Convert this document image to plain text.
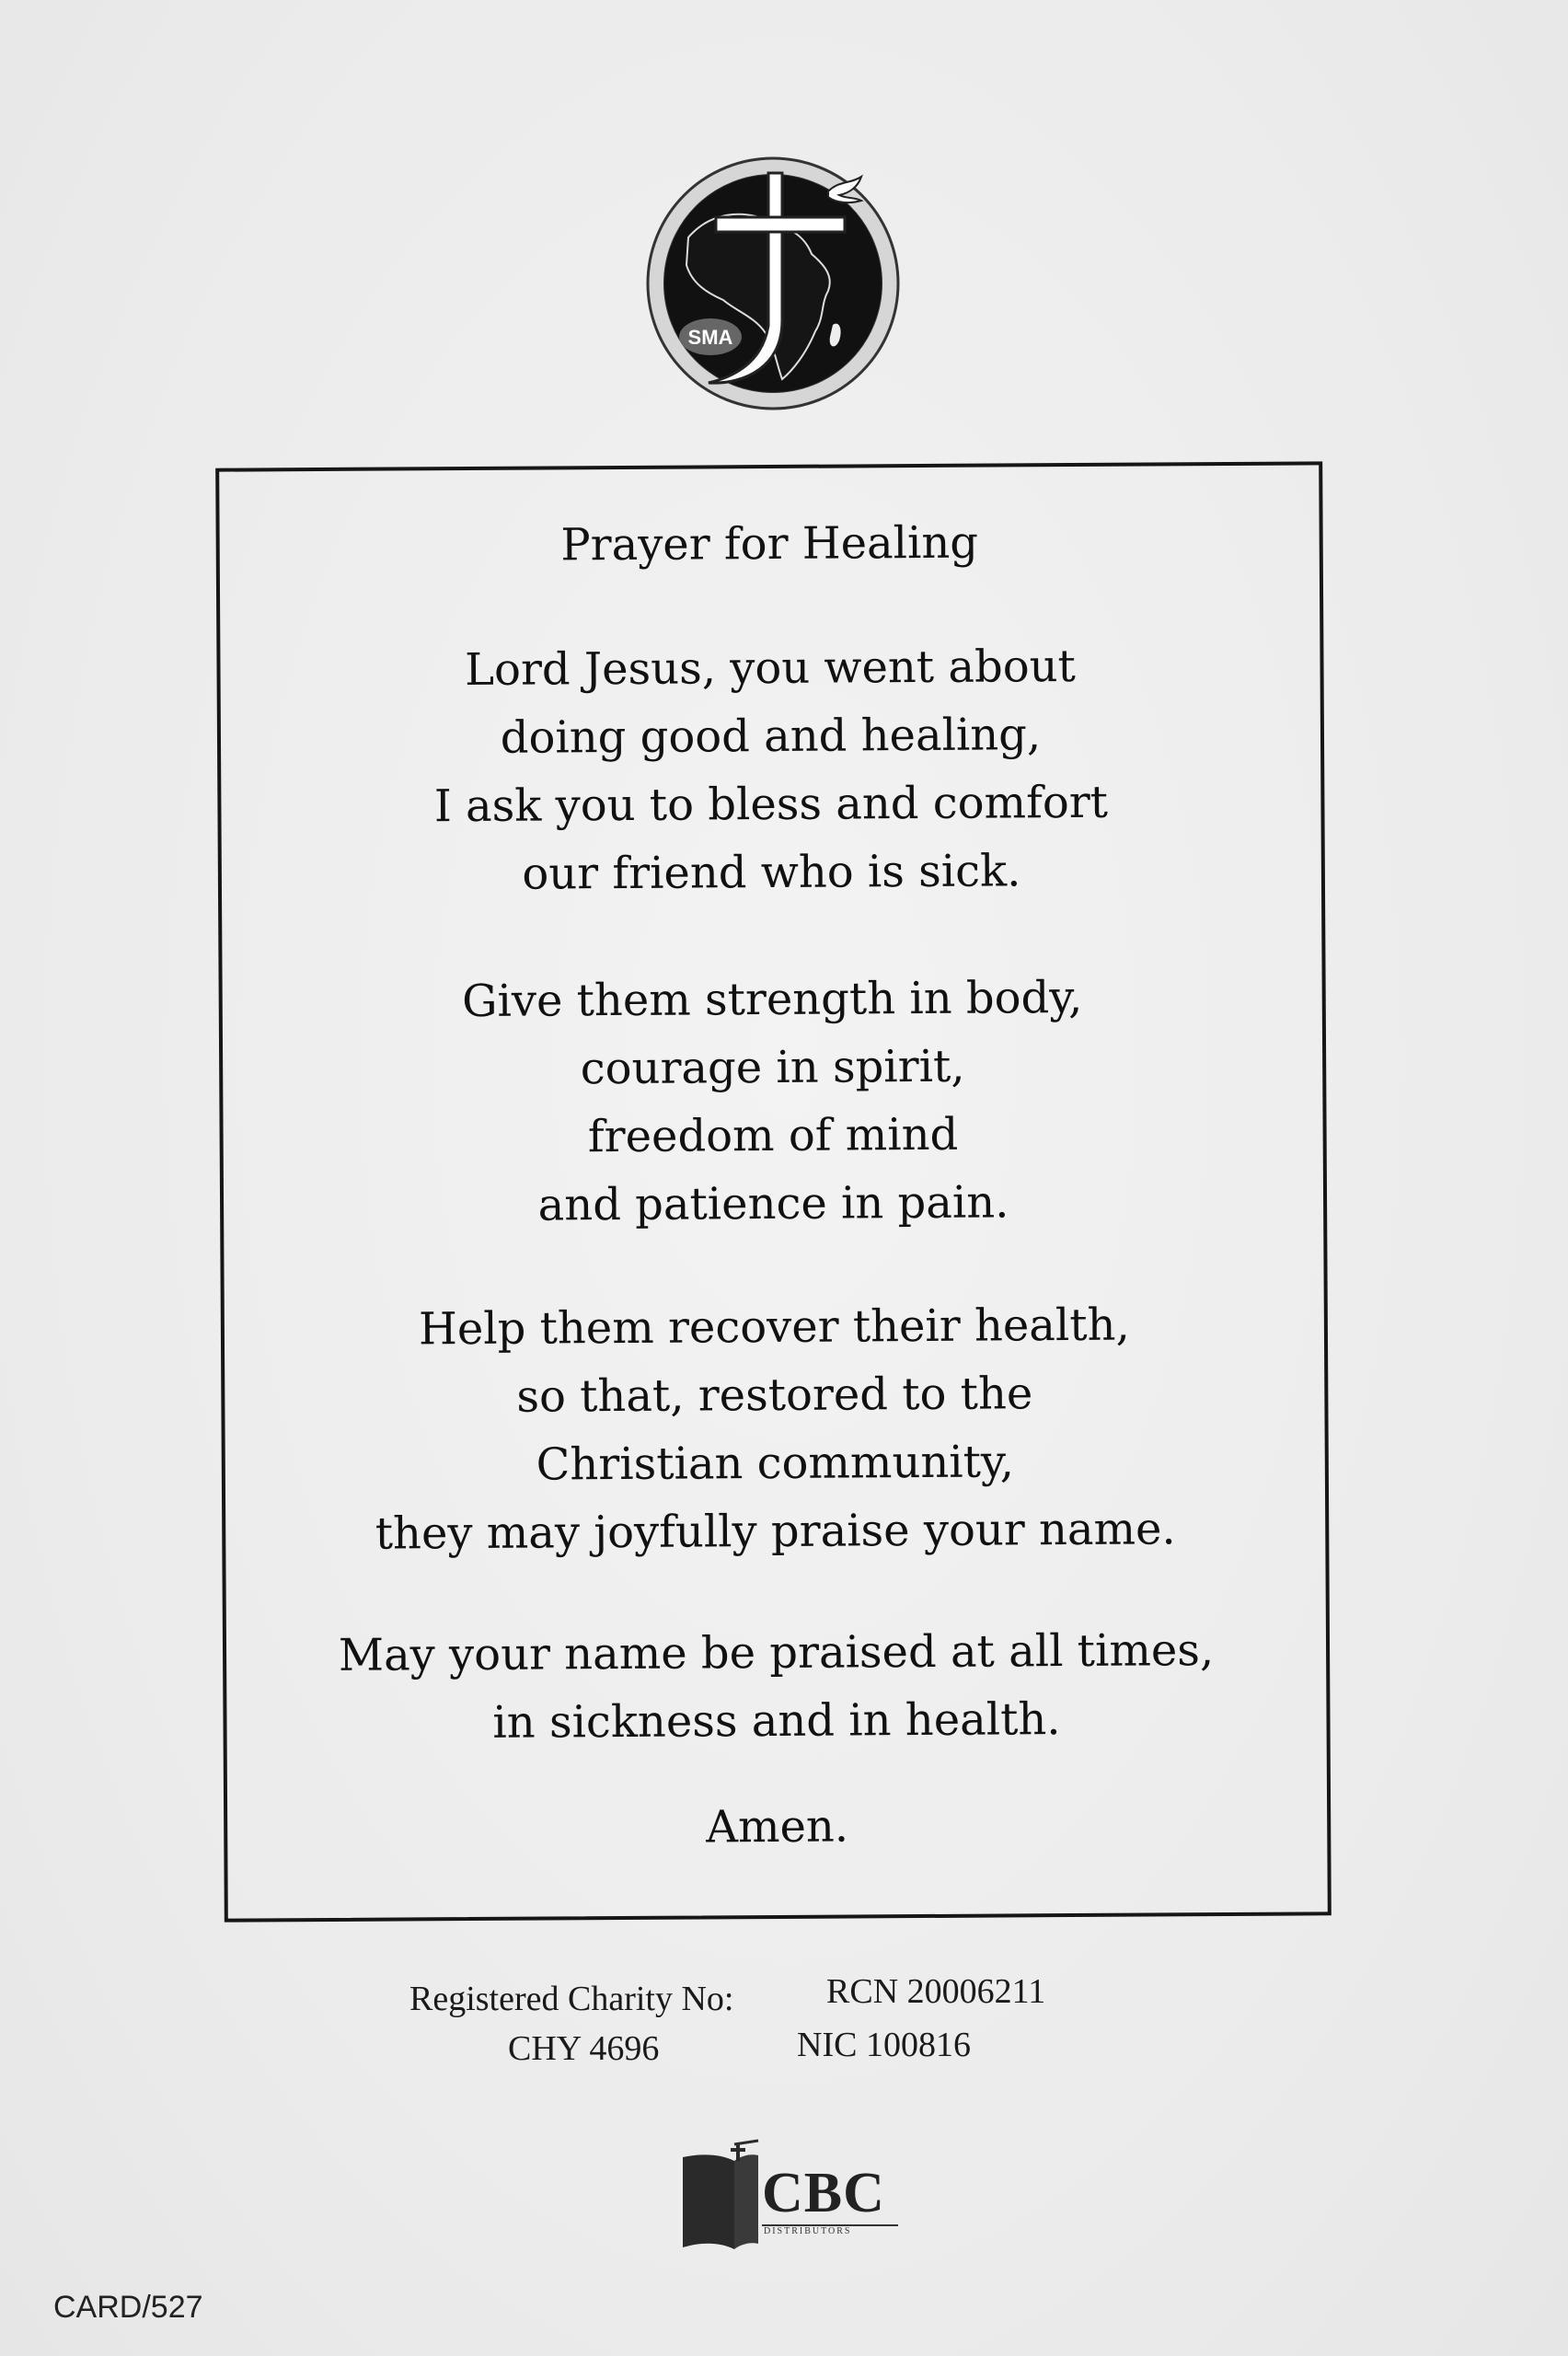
SMA
Prayer for Healing
Lord Jesus, you went about
doing good and healing,
I ask you to bless and comfort
our friend who is sick.
Give them strength in body,
courage in spirit,
freedom of mind
and patience in pain.
Help them recover their health,
so that, restored to the
Christian community,
they may joyfully praise your name.
May your name be praised at all times,
in sickness and in health.
Amen.
Registered Charity No:	RCN 20006211
CHY 4696	NIC 100816
CBC
DISTRIBUTORS
CARD/527
